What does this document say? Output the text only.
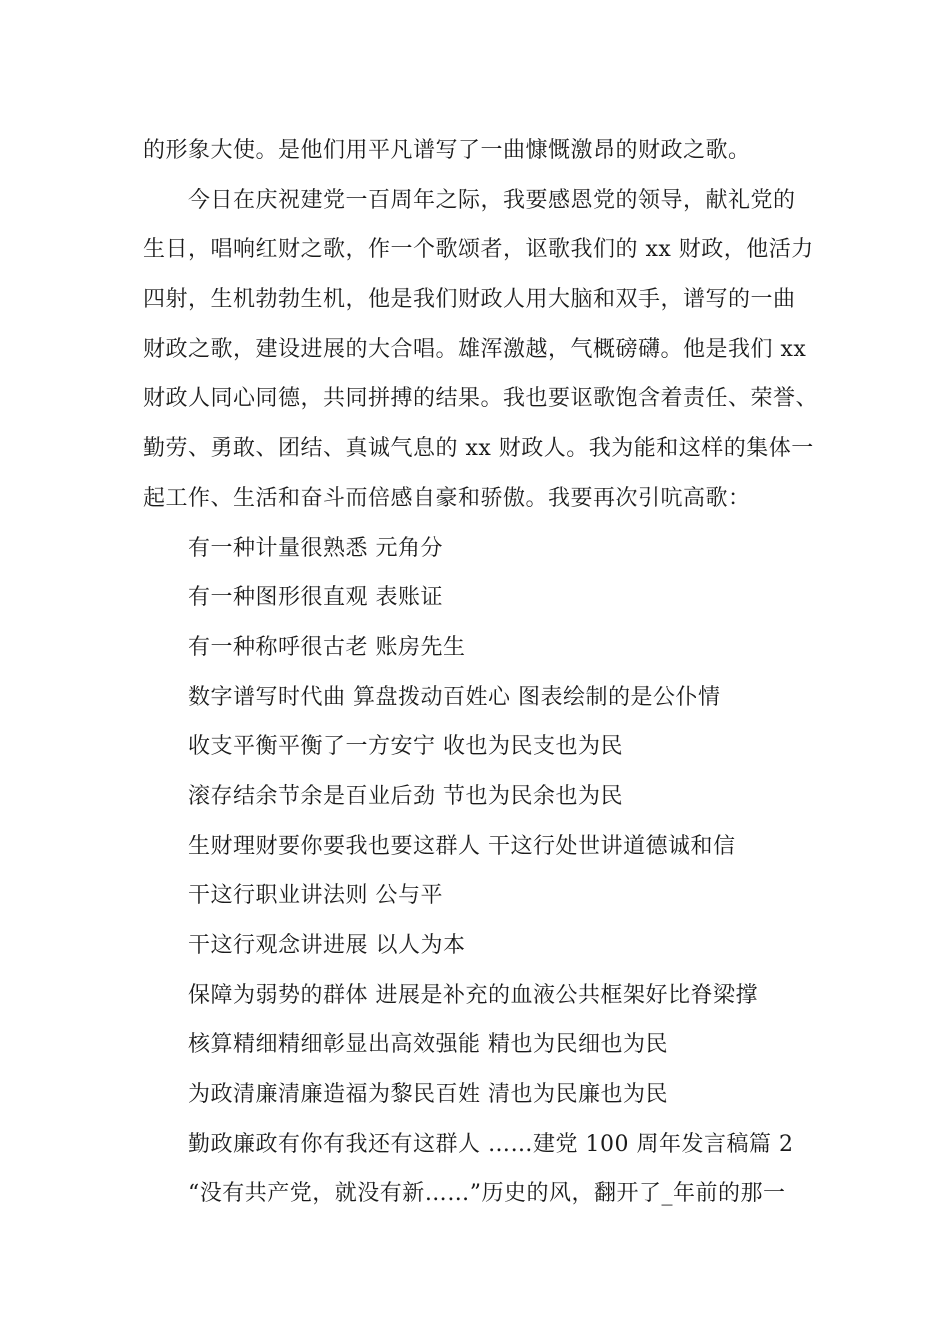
的形象大使。是他们用平凡谱写了一曲慷慨激昂的财政之歌。
今日在庆祝建党一百周年之际，我要感恩党的领导，献礼党的
生日，唱响红财之歌，作一个歌颂者，讴歌我们的 xx 财政，他活力
四射，生机勃勃生机，他是我们财政人用大脑和双手，谱写的一曲
财政之歌，建设进展的大合唱。雄浑激越，气概磅礴。他是我们 xx
财政人同心同德，共同拼搏的结果。我也要讴歌饱含着责任、荣誉、
勤劳、勇敢、团结、真诚气息的 xx 财政人。我为能和这样的集体一
起工作、生活和奋斗而倍感自豪和骄傲。我要再次引吭高歌：
有一种计量很熟悉 元角分
有一种图形很直观 表账证
有一种称呼很古老 账房先生
数字谱写时代曲 算盘拨动百姓心 图表绘制的是公仆情
收支平衡平衡了一方安宁 收也为民支也为民
滚存结余节余是百业后劲 节也为民余也为民
生财理财要你要我也要这群人 干这行处世讲道德诚和信
干这行职业讲法则 公与平
干这行观念讲进展 以人为本
保障为弱势的群体 进展是补充的血液公共框架好比脊梁撑
核算精细精细彰显出高效强能 精也为民细也为民
为政清廉清廉造福为黎民百姓 清也为民廉也为民
勤政廉政有你有我还有这群人 ……建党 100 周年发言稿篇 2
“没有共产党，就没有新……”历史的风，翻开了_年前的那一
